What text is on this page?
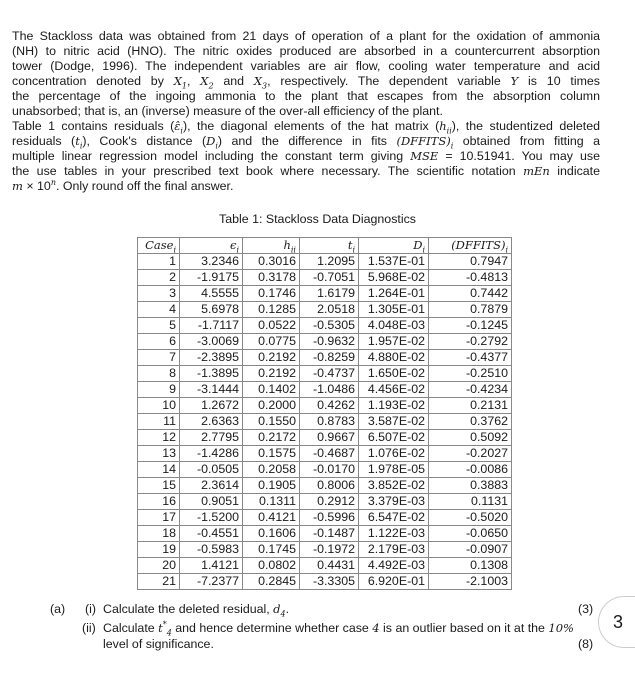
The Stackloss data was obtained from 21 days of operation of a plant for the oxidation of ammonia
(NH) to nitric acid (HNO). The nitric oxides produced are absorbed in a countercurrent absorption
tower (Dodge, 1996). The independent variables are air flow, cooling water temperature and acid
concentration denoted by $X_1$, $X_2$ and $X_3$, respectively. The dependent variable Y is 10 times
the percentage of the ingoing ammonia to the plant that escapes from the absorption column
unabsorbed; that is, an (inverse) measure of the over-all efficiency of the plant.
Table 1 contains residuals $(\varepsilon̂_i)$, the diagonal elements of the hat matrix $(h_{ii})$, the studentized deleted
residuals $(t_i)$, Cook's distance $(D_i)$ and the difference in fits $(DFFITS)_i$ obtained from fitting a
multiple linear regression model including the constant term giving MSE = 10.51941. You may use
the use tables in your prescribed text book where necessary. The scientific notation mEn indicate
$m \times 10^n$. Only round off the final answer.
Table 1: Stackloss Data Diagnostics
Case$_i$	$\epsilon_i$	$h_{ii}$	$t_i$	$D_i$	$(DFFITS)_i$
1	3.2346	0.3016	1.2095	1.537E-01	0.7947
2	-1.9175	0.3178	-0.7051	5.968E-02	-0.4813
3	4.5555	0.1746	1.6179	1.264E-01	0.7442
4	5.6978	0.1285	2.0518	1.305E-01	0.7879
5	-1.7117	0.0522	-0.5305	4.048E-03	-0.1245
6	-3.0069	0.0775	-0.9632	1.957E-02	-0.2792
7	-2.3895	0.2192	-0.8259	4.880E-02	-0.4377
8	-1.3895	0.2192	-0.4737	1.650E-02	-0.2510
9	-3.1444	0.1402	-1.0486	4.456E-02	-0.4234
10	1.2672	0.2000	0.4262	1.193E-02	0.2131
11	2.6363	0.1550	0.8783	3.587E-02	0.3762
12	2.7795	0.2172	0.9667	6.507E-02	0.5092
13	-1.4286	0.1575	-0.4687	1.076E-02	-0.2027
14	-0.0505	0.2058	-0.0170	1.978E-05	-0.0086
15	2.3614	0.1905	0.8006	3.852E-02	0.3883
16	0.9051	0.1311	0.2912	3.379E-03	0.1131
17	-1.5200	0.4121	-0.5996	6.547E-02	-0.5020
18	-0.4551	0.1606	-0.1487	1.122E-03	-0.0650
19	-0.5983	0.1745	-0.1972	2.179E-03	-0.0907
20	1.4121	0.0802	0.4431	4.492E-03	0.1308
21	-7.2377	0.2845	-3.3305	6.920E-01	-2.1003
(a) (i) Calculate the deleted residual, $d_4$.	(3)
(ii) Calculate $t^*_4$ and hence determine whether case 4 is an outlier based on it at the 10%
level of significance.	(8)
3
